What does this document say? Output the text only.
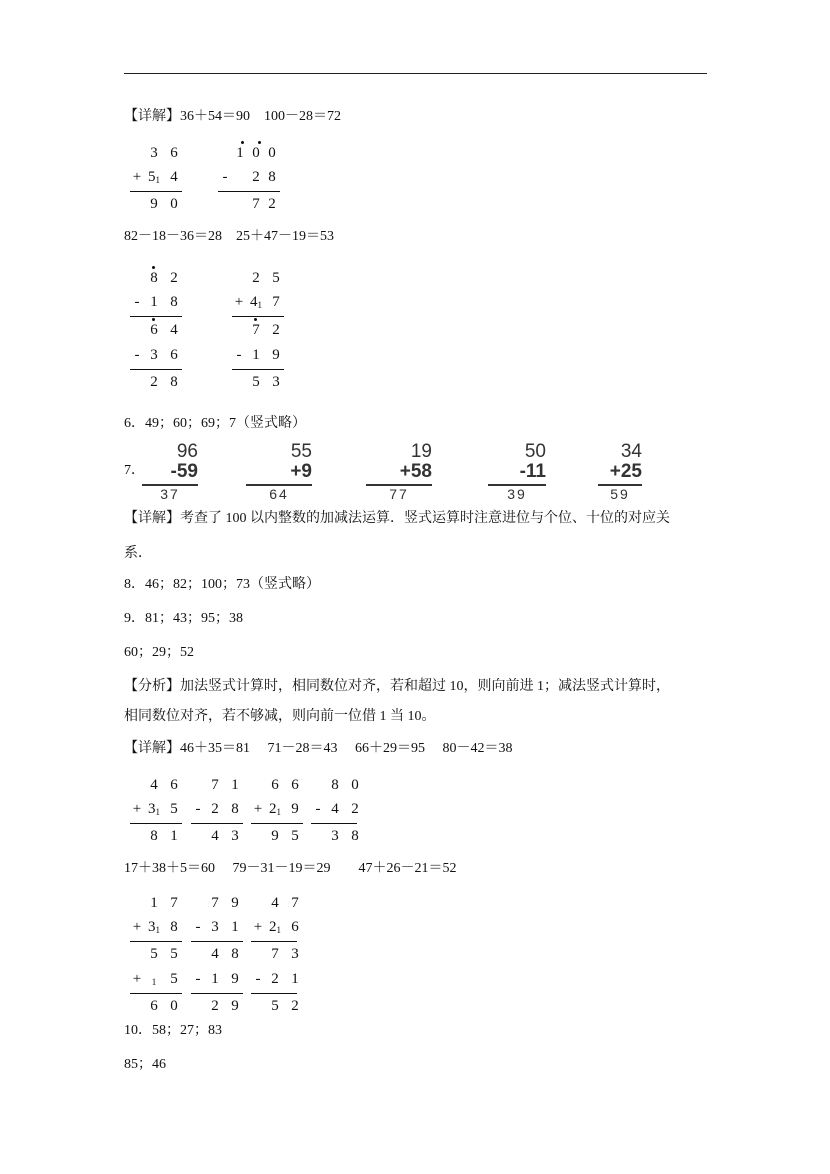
【详解】36＋54＝90　100－28＝72
3 6
+ 51 4
9 0
1 0 0
- 2 8
7 2
82－18－36＝28　25＋47－19＝53
8 2
- 1 8
6 4
- 3 6
2 8
2 5
+ 41 7
7 2
- 1 9
5 3
6．49；60；69；7（竖式略）
7．
96
-59
37
55
+9
64
19
+58
77
50
-11
39
34
+25
59
【详解】考查了 100 以内整数的加减法运算．竖式运算时注意进位与个位、十位的对应关
系．
8．46；82；100；73（竖式略）
9．81；43；95；38
60；29；52
【分析】加法竖式计算时，相同数位对齐，若和超过 10，则向前进 1；减法竖式计算时，
相同数位对齐，若不够减，则向前一位借 1 当 10。
【详解】46＋35＝81　 71－28＝43　 66＋29＝95　 80－42＝38
4 6
+ 31 5
8 1
7 1
- 2 8
4 3
6 6
+ 21 9
9 5
8 0
- 4 2
3 8
17＋38＋5＝60　 79－31－19＝29　　47＋26－21＝52
1 7
+ 31 8
5 5
+ 1 5
6 0
7 9
- 3 1
4 8
- 1 9
2 9
4 7
+ 21 6
7 3
- 2 1
5 2
10．58；27；83
85；46
